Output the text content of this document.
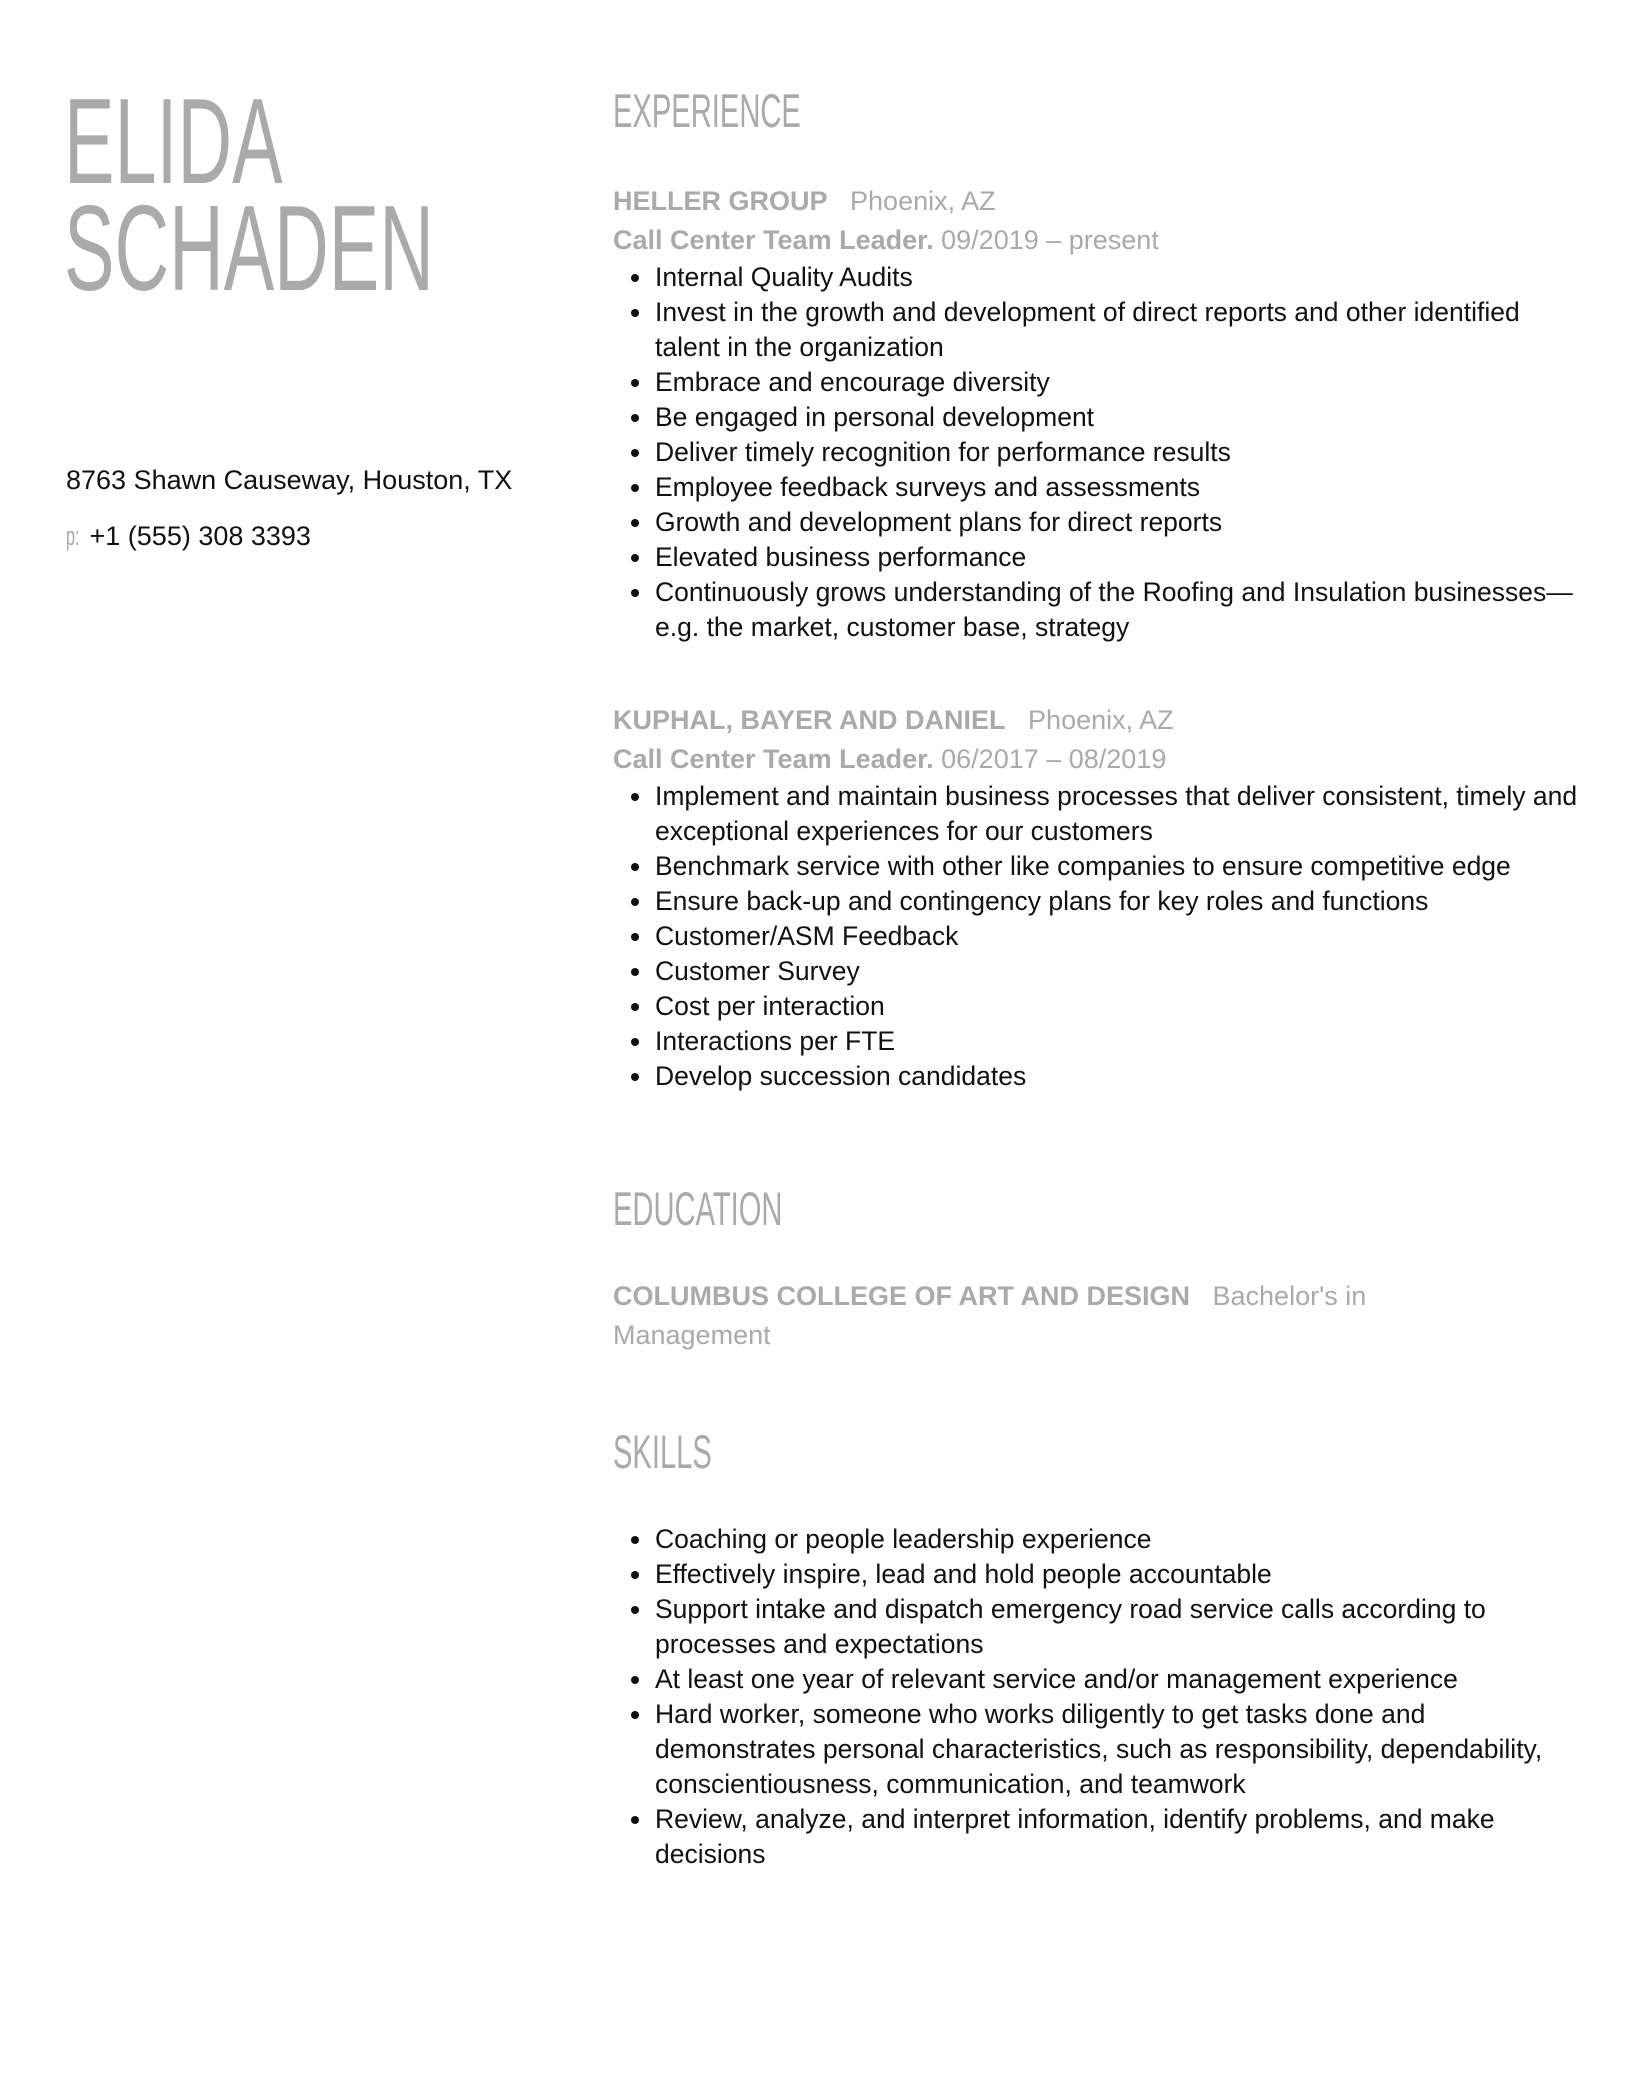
ELIDA
SCHADEN
8763 Shawn Causeway, Houston, TX
p: +1 (555) 308 3393
EXPERIENCE
HELLER GROUP Phoenix, AZ
Call Center Team Leader. 09/2019 – present
Internal Quality Audits
Invest in the growth and development of direct reports and other identified talent in the organization
Embrace and encourage diversity
Be engaged in personal development
Deliver timely recognition for performance results
Employee feedback surveys and assessments
Growth and development plans for direct reports
Elevated business performance
Continuously grows understanding of the Roofing and Insulation businesses—e.g. the market, customer base, strategy
KUPHAL, BAYER AND DANIEL Phoenix, AZ
Call Center Team Leader. 06/2017 – 08/2019
Implement and maintain business processes that deliver consistent, timely and exceptional experiences for our customers
Benchmark service with other like companies to ensure competitive edge
Ensure back-up and contingency plans for key roles and functions
Customer/ASM Feedback
Customer Survey
Cost per interaction
Interactions per FTE
Develop succession candidates
EDUCATION
COLUMBUS COLLEGE OF ART AND DESIGN Bachelor's in Management
SKILLS
Coaching or people leadership experience
Effectively inspire, lead and hold people accountable
Support intake and dispatch emergency road service calls according to processes and expectations
At least one year of relevant service and/or management experience
Hard worker, someone who works diligently to get tasks done and demonstrates personal characteristics, such as responsibility, dependability, conscientiousness, communication, and teamwork
Review, analyze, and interpret information, identify problems, and make decisions
